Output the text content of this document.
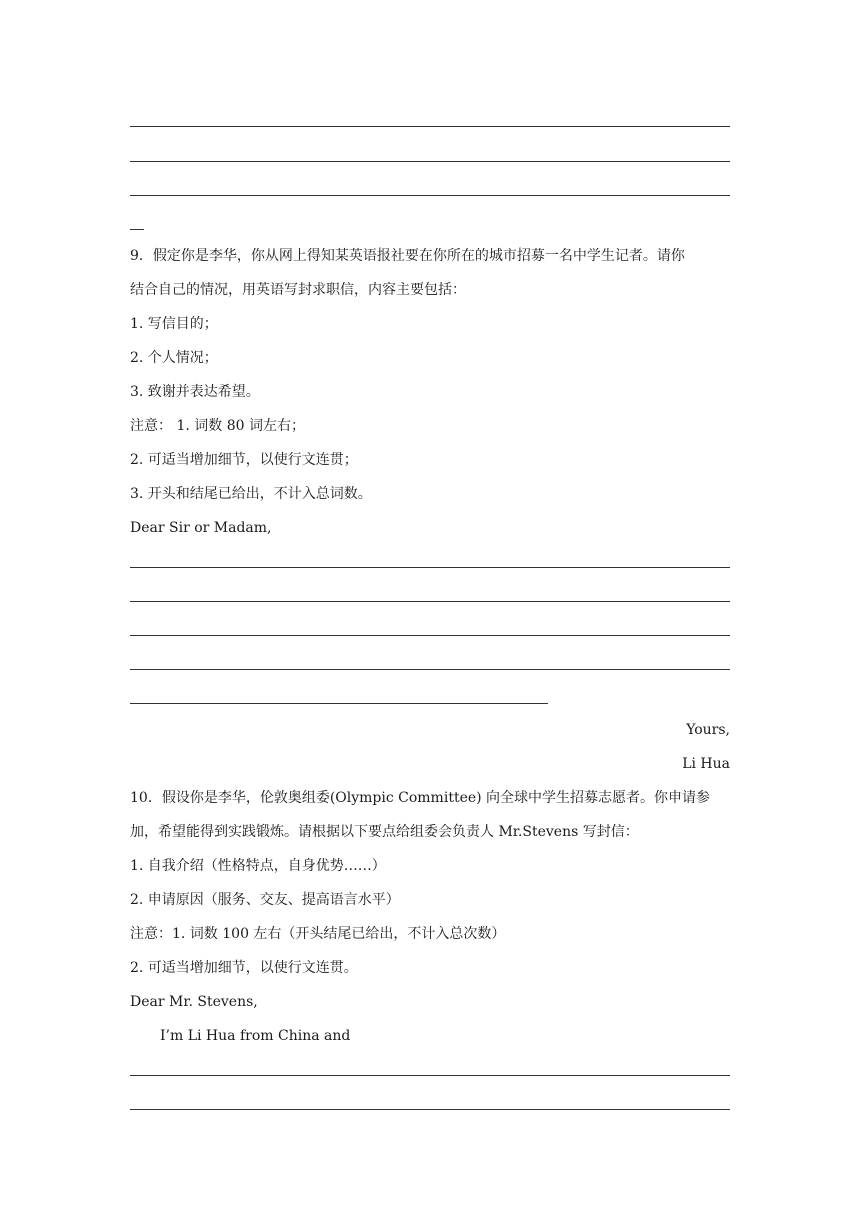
9．假定你是李华，你从网上得知某英语报社要在你所在的城市招募一名中学生记者。请你
结合自己的情况，用英语写封求职信，内容主要包括：
1. 写信目的；
2. 个人情况；
3. 致谢并表达希望。
注意： 1. 词数 80 词左右；
2. 可适当增加细节，以使行文连贯；
3. 开头和结尾已给出，不计入总词数。
Dear Sir or Madam,
Yours,
Li Hua
10．假设你是李华，伦敦奥组委(Olympic Committee) 向全球中学生招募志愿者。你申请参
加，希望能得到实践锻炼。请根据以下要点给组委会负责人 Mr.Stevens 写封信：
1. 自我介绍（性格特点，自身优势……）
2. 申请原因（服务、交友、提高语言水平）
注意：1. 词数 100 左右（开头结尾已给出，不计入总次数）
2. 可适当增加细节，以使行文连贯。
Dear Mr. Stevens,
I’m Li Hua from China and
